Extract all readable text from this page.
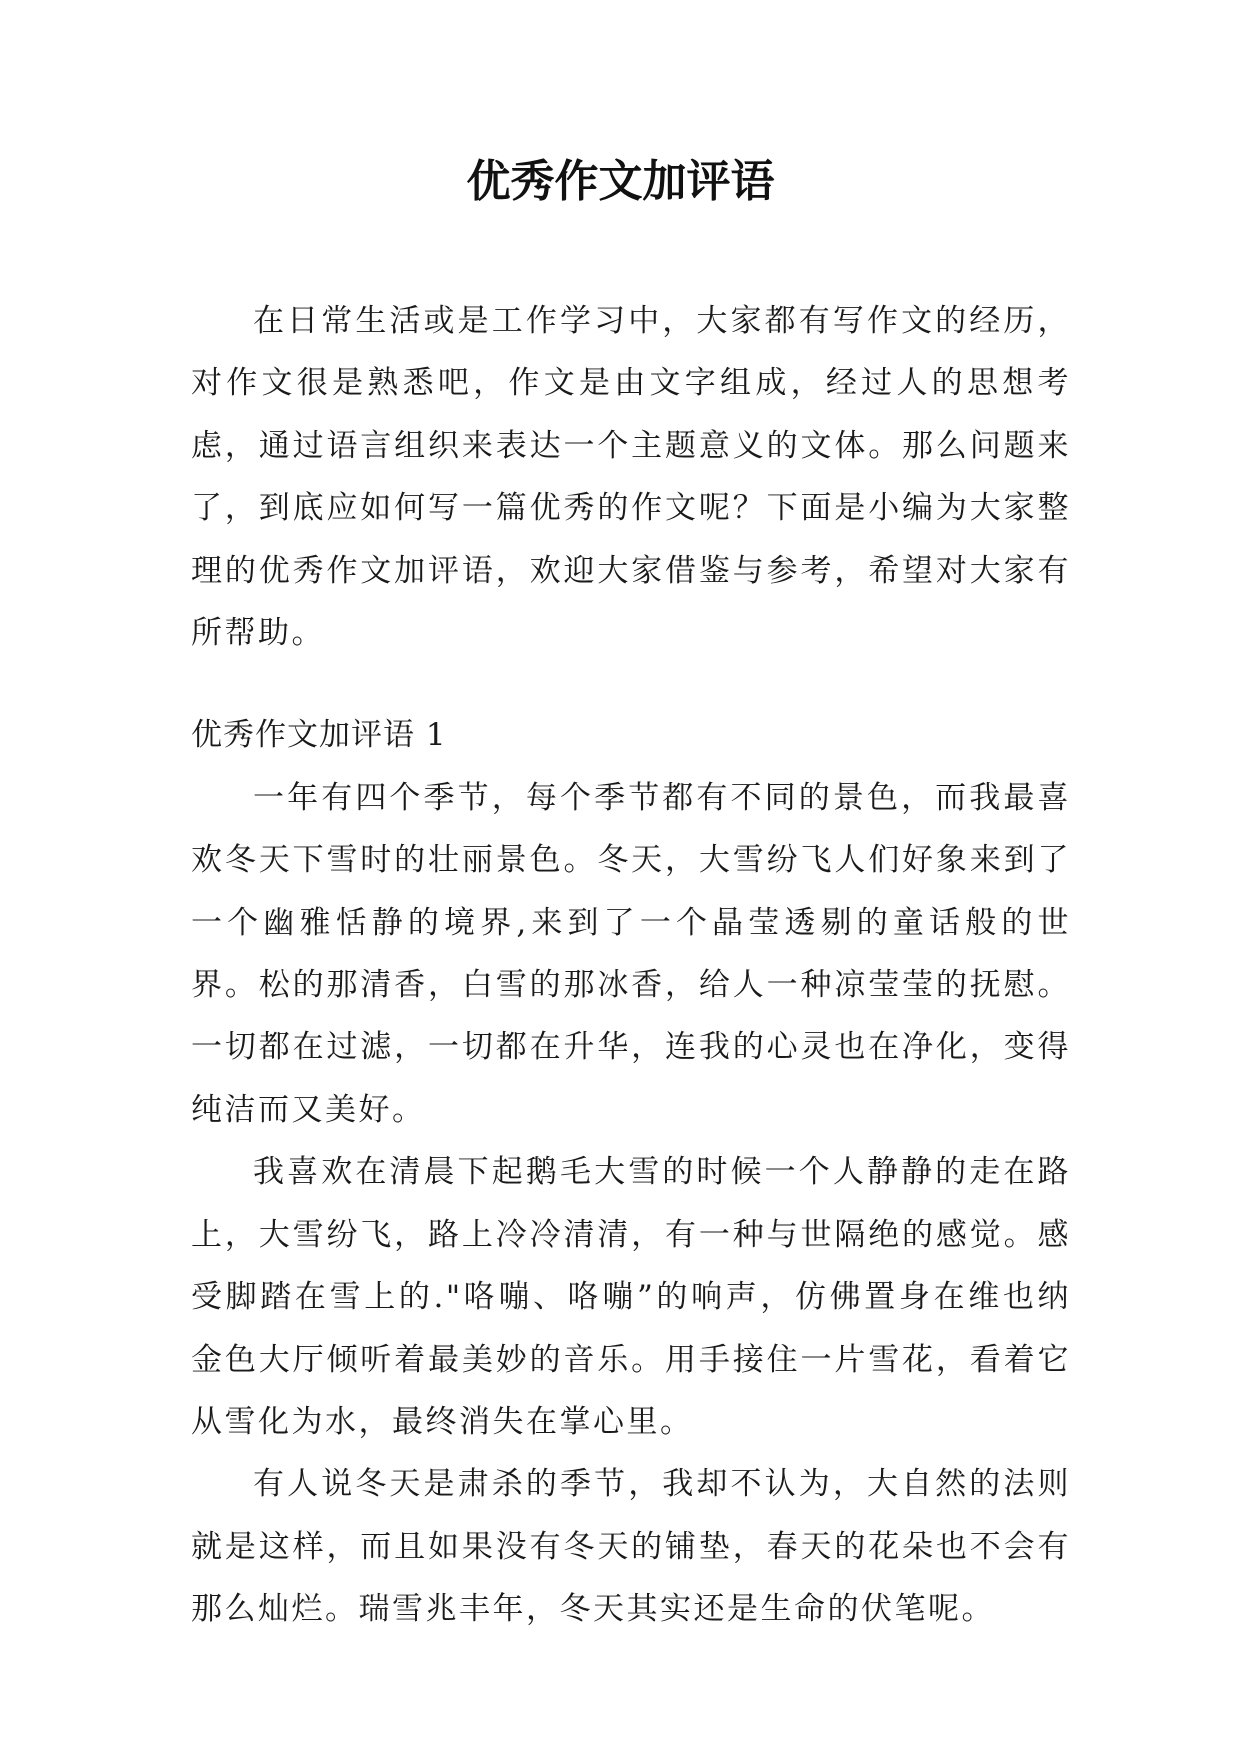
优秀作文加评语

在日常生活或是工作学习中，大家都有写作文的经历，对作文很是熟悉吧，作文是由文字组成，经过人的思想考虑，通过语言组织来表达一个主题意义的文体。那么问题来了，到底应如何写一篇优秀的作文呢？下面是小编为大家整理的优秀作文加评语，欢迎大家借鉴与参考，希望对大家有所帮助。

优秀作文加评语 1

一年有四个季节，每个季节都有不同的景色，而我最喜欢冬天下雪时的壮丽景色。冬天，大雪纷飞人们好象来到了一个幽雅恬静的境界,来到了一个晶莹透剔的童话般的世界。松的那清香，白雪的那冰香，给人一种凉莹莹的抚慰。一切都在过滤，一切都在升华，连我的心灵也在净化，变得纯洁而又美好。

我喜欢在清晨下起鹅毛大雪的时候一个人静静的走在路上，大雪纷飞，路上冷冷清清，有一种与世隔绝的感觉。感受脚踏在雪上的."咯嘣、咯嘣”的响声，仿佛置身在维也纳金色大厅倾听着最美妙的音乐。用手接住一片雪花，看着它从雪化为水，最终消失在掌心里。

有人说冬天是肃杀的季节，我却不认为，大自然的法则就是这样，而且如果没有冬天的铺垫，春天的花朵也不会有那么灿烂。瑞雪兆丰年，冬天其实还是生命的伏笔呢。
